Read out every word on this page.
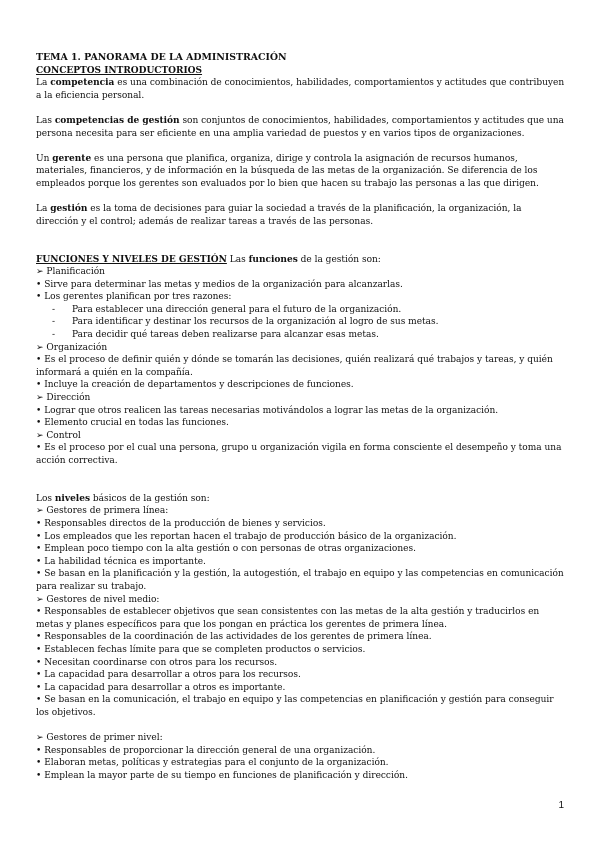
TEMA 1. PANORAMA DE LA ADMINISTRACIÓN

CONCEPTOS INTRODUCTORIOS

La competencia es una combinación de conocimientos, habilidades, comportamientos y actitudes que contribuyen a la eficiencia personal.

Las competencias de gestión son conjuntos de conocimientos, habilidades, comportamientos y actitudes que una persona necesita para ser eficiente en una amplia variedad de puestos y en varios tipos de organizaciones.

Un gerente es una persona que planifica, organiza, dirige y controla la asignación de recursos humanos, materiales, financieros, y de información en la búsqueda de las metas de la organización. Se diferencia de los empleados porque los gerentes son evaluados por lo bien que hacen su trabajo las personas a las que dirigen.

La gestión es la toma de decisiones para guiar la sociedad a través de la planificación, la organización, la dirección y el control; además de realizar tareas a través de las personas.

FUNCIONES Y NIVELES DE GESTIÓN Las funciones de la gestión son:

➢ Planificación

• Sirve para determinar las metas y medios de la organización para alcanzarlas.

• Los gerentes planifican por tres razones:

- Para establecer una dirección general para el futuro de la organización.

- Para identificar y destinar los recursos de la organización al logro de sus metas.

- Para decidir qué tareas deben realizarse para alcanzar esas metas.

➢ Organización

• Es el proceso de definir quién y dónde se tomarán las decisiones, quién realizará qué trabajos y tareas, y quién informará a quién en la compañía.

• Incluye la creación de departamentos y descripciones de funciones.

➢ Dirección

• Lograr que otros realicen las tareas necesarias motivándolos a lograr las metas de la organización.

• Elemento crucial en todas las funciones.

➢ Control

• Es el proceso por el cual una persona, grupo u organización vigila en forma consciente el desempeño y toma una acción correctiva.

Los niveles básicos de la gestión son:

➢ Gestores de primera línea:

• Responsables directos de la producción de bienes y servicios.

• Los empleados que les reportan hacen el trabajo de producción básico de la organización.

• Emplean poco tiempo con la alta gestión o con personas de otras organizaciones.

• La habilidad técnica es importante.

• Se basan en la planificación y la gestión, la autogestión, el trabajo en equipo y las competencias en comunicación para realizar su trabajo.

➢ Gestores de nivel medio:

• Responsables de establecer objetivos que sean consistentes con las metas de la alta gestión y traducirlos en metas y planes específicos para que los pongan en práctica los gerentes de primera línea.

• Responsables de la coordinación de las actividades de los gerentes de primera línea.

• Establecen fechas límite para que se completen productos o servicios.

• Necesitan coordinarse con otros para los recursos.

• La capacidad para desarrollar a otros para los recursos.

• La capacidad para desarrollar a otros es importante.

• Se basan en la comunicación, el trabajo en equipo y las competencias en planificación y gestión para conseguir los objetivos.

➢ Gestores de primer nivel:

• Responsables de proporcionar la dirección general de una organización.

• Elaboran metas, políticas y estrategias para el conjunto de la organización.

• Emplean la mayor parte de su tiempo en funciones de planificación y dirección.

1
